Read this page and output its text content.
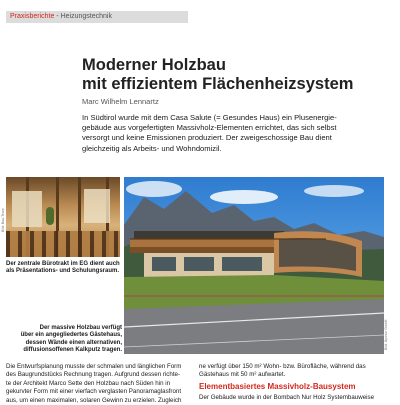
Praxisberichte - Heizungstechnik
Moderner Holzbau
mit effizientem Flächenheizsystem
Marc Wilhelm Lennartz
In Südtirol wurde mit dem Casa Salute (= Gesundes Haus) ein Plusenergie-
gebäude aus vorgefertigten Massivholz-Elementen errichtet, das sich selbst
versorgt und keine Emissionen produziert. Der zweigeschossige Bau dient
gleichzeitig als Arbeits- und Wohndomizil.
Bild: Bau-Team
Der zentrale Bürotrakt im EG dient auch
als Präsentations- und Schulungsraum.
Bild: Uponor GmbH
Der massive Holzbau verfügt
über ein angegliedertes Gästehaus,
dessen Wände einen alternativen,
diffusionsoffenen Kalkputz tragen.
Die Entwurfsplanung musste der schmalen und länglichen Form
des Baugrundstücks Rechnung tragen. Aufgrund dessen richte-
te der Architekt Marco Sette den Holzbau nach Süden hin in
gekurvter Form mit einer vierfach verglasten Panoramaglasfront
aus, um einen maximalen, solaren Gewinn zu erzielen. Zugleich
ne verfügt über 150 m² Wohn- bzw. Bürofläche, während das Gästehaus mit 50 m² aufwartet.
Elementbasiertes Massivholz-Bausystem
Der Gebäude wurde in der Bombach Nur Holz Systembauweise
